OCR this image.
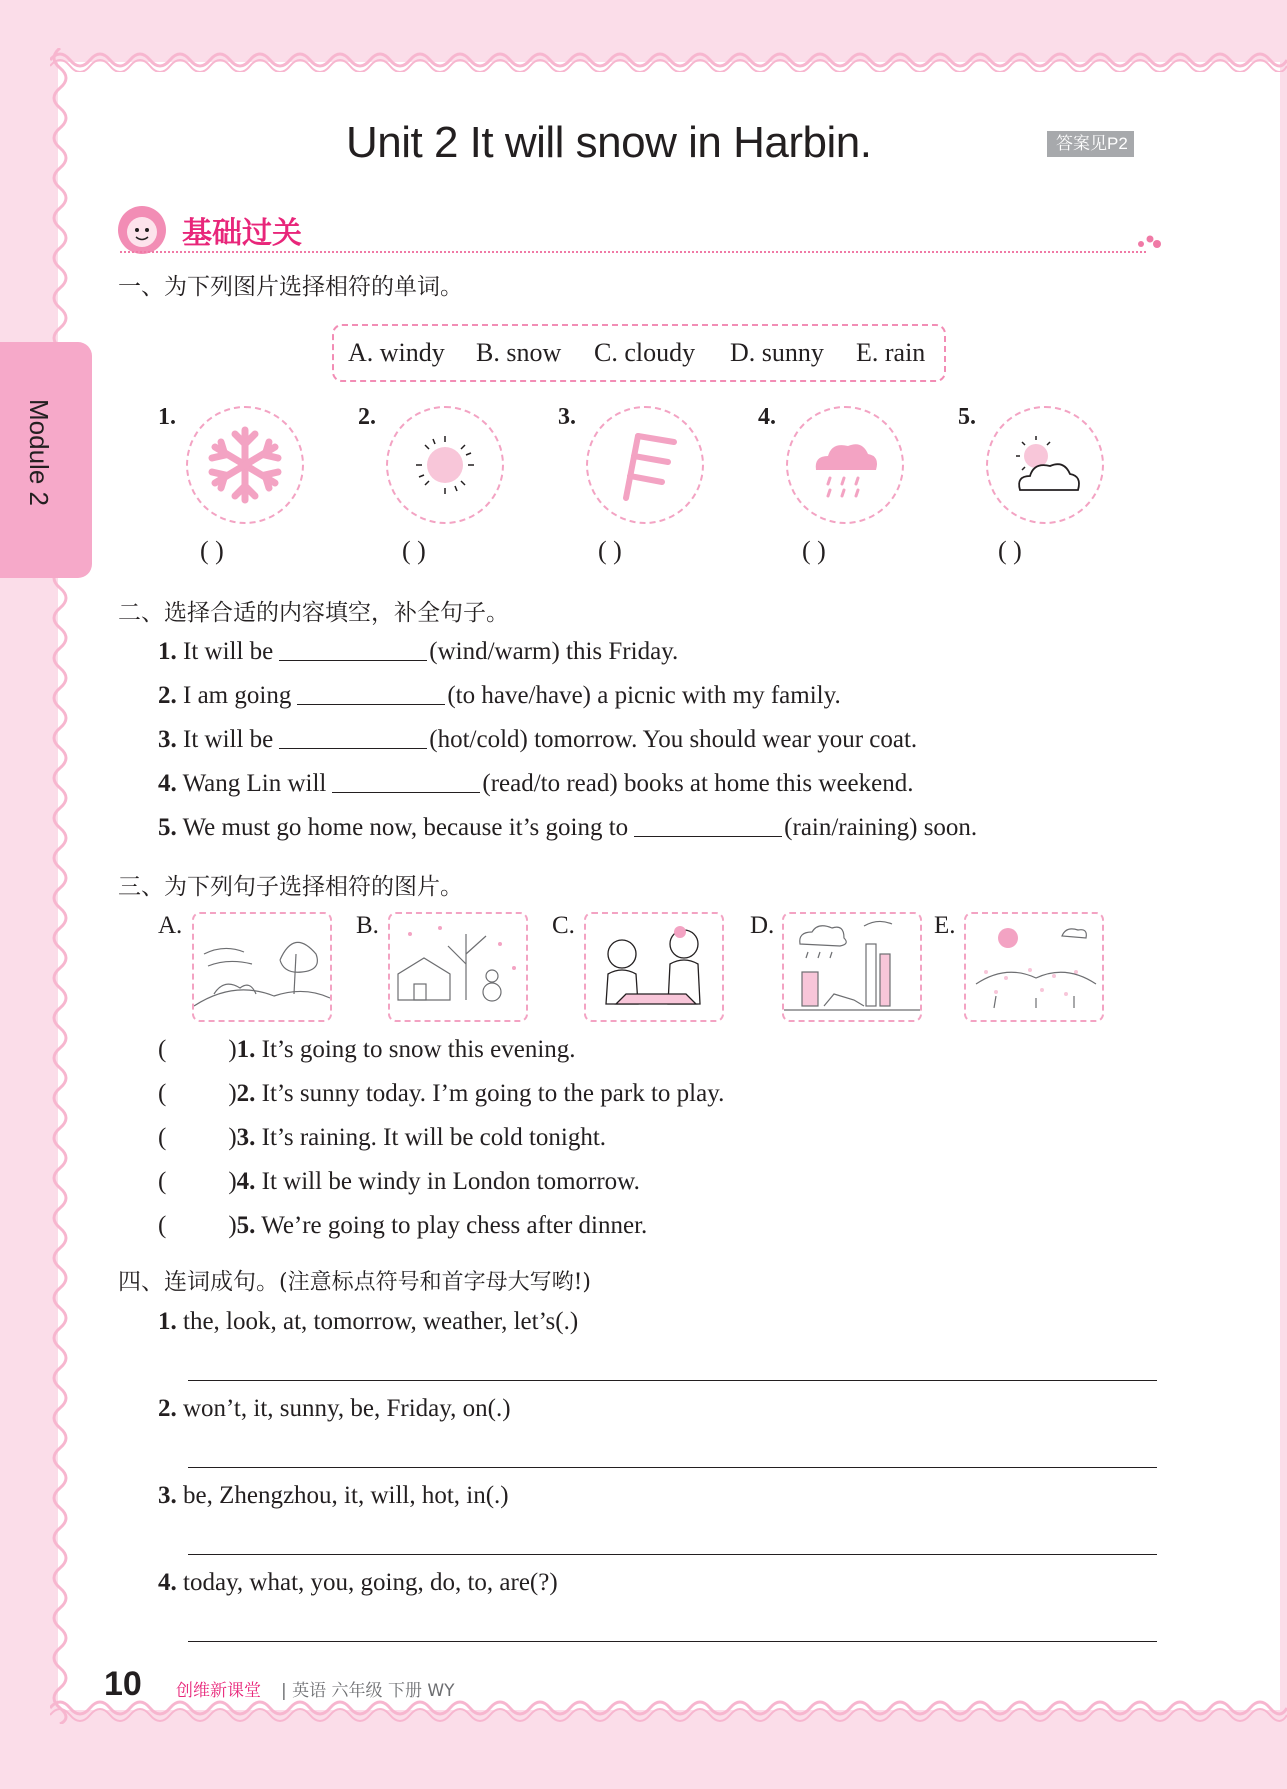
Module 2
Unit 2 It will snow in Harbin.	答案见P2
基础过关
一、为下列图片选择相符的单词。
A. windy B. snow C. cloudy D. sunny E. rain
1.
( )
2.
( )
3.
( )
4.
( )
5.
( )
二、选择合适的内容填空，补全句子。
1. It will be	(wind/warm) this Friday.
2. I am going	(to have/have) a picnic with my family.
3. It will be	(hot/cold) tomorrow. You should wear your coat.
4. Wang Lin will	(read/to read) books at home this weekend.
5. We must go home now, because it’s going to	(rain/raining) soon.
三、为下列句子选择相符的图片。
A.	B.	C.	D.	E.
( )1. It’s going to snow this evening.
( )2. It’s sunny today. I’m going to the park to play.
( )3. It’s raining. It will be cold tonight.
( )4. It will be windy in London tomorrow.
( )5. We’re going to play chess after dinner.
四、连词成句。(注意标点符号和首字母大写哟!)
1. the, look, at, tomorrow, weather, let’s(.)
2. won’t, it, sunny, be, Friday, on(.)
3. be, Zhengzhou, it, will, hot, in(.)
4. today, what, you, going, do, to, are(?)
10 创维新课堂 | 英语 六年级 下册 WY
